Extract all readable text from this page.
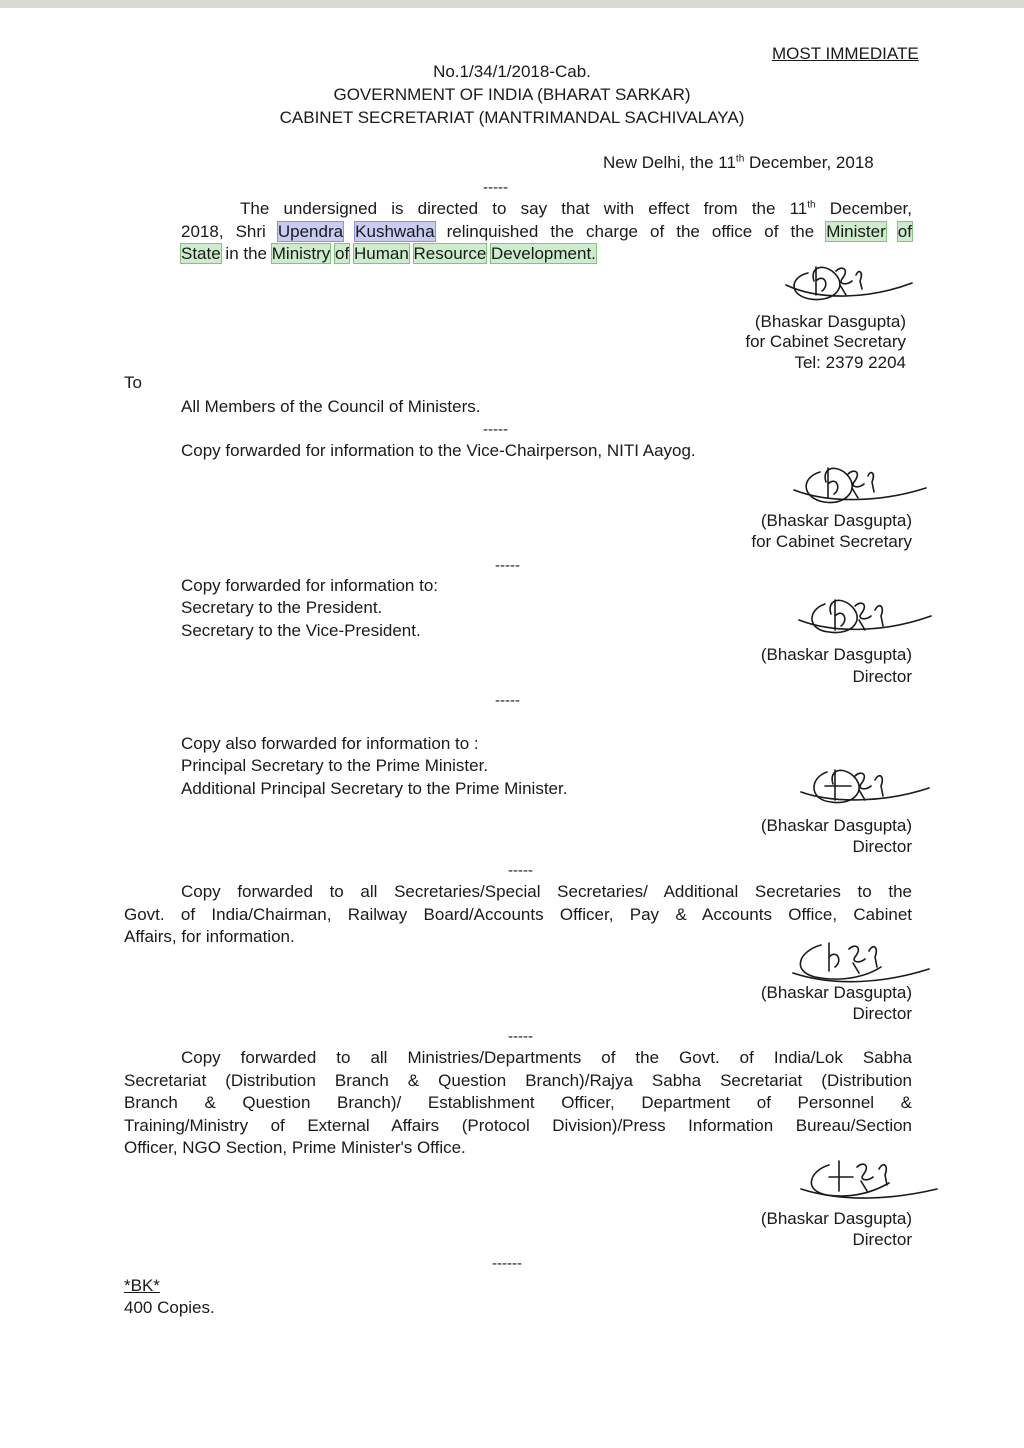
MOST IMMEDIATE
No.1/34/1/2018-Cab.
GOVERNMENT OF INDIA (BHARAT SARKAR)
CABINET SECRETARIAT (MANTRIMANDAL SACHIVALAYA)
New Delhi, the 11th December, 2018
-----
The undersigned is directed to say that with effect from the 11th December,
2018, Shri Upendra Kushwaha relinquished the charge of the office of the Minister of
State in the Ministry of Human Resource Development.
(Bhaskar Dasgupta)
for Cabinet Secretary
Tel: 2379 2204
To
All Members of the Council of Ministers.
-----
Copy forwarded for information to the Vice-Chairperson, NITI Aayog.
(Bhaskar Dasgupta)
for Cabinet Secretary
-----
Copy forwarded for information to:
Secretary to the President.
Secretary to the Vice-President.
(Bhaskar Dasgupta)
Director
-----
Copy also forwarded for information to :
Principal Secretary to the Prime Minister.
Additional Principal Secretary to the Prime Minister.
(Bhaskar Dasgupta)
Director
-----
Copy forwarded to all Secretaries/Special Secretaries/ Additional Secretaries to the
Govt. of India/Chairman, Railway Board/Accounts Officer, Pay & Accounts Office, Cabinet
Affairs, for information.
(Bhaskar Dasgupta)
Director
-----
Copy forwarded to all Ministries/Departments of the Govt. of India/Lok Sabha
Secretariat (Distribution Branch & Question Branch)/Rajya Sabha Secretariat (Distribution
Branch & Question Branch)/ Establishment Officer, Department of Personnel &
Training/Ministry of External Affairs (Protocol Division)/Press Information Bureau/Section
Officer, NGO Section, Prime Minister's Office.
(Bhaskar Dasgupta)
Director
------
*BK*
400 Copies.
